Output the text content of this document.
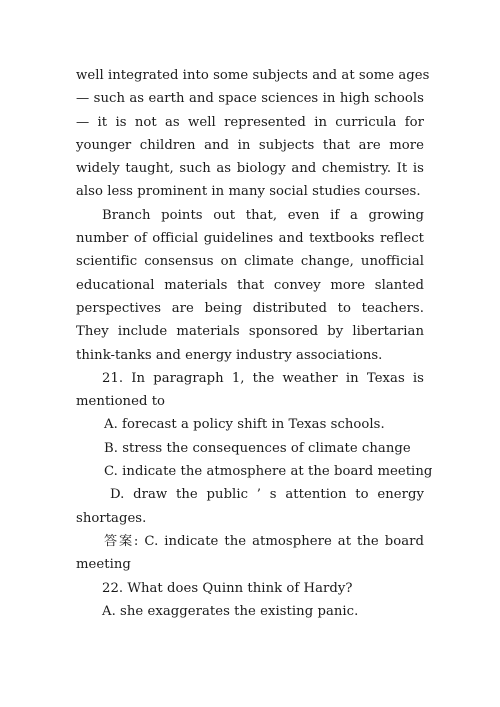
well integrated into some subjects and at some ages
— such as earth and space sciences in high schools
— it is not as well represented in curricula for
younger children and in subjects that are more
widely taught, such as biology and chemistry. It is
also less prominent in many social studies courses.
Branch points out that, even if a growing
number of official guidelines and textbooks reflect
scientific consensus on climate change, unofficial
educational materials that convey more slanted
perspectives are being distributed to teachers.
They include materials sponsored by libertarian
think-tanks and energy industry associations.
21. In paragraph 1, the weather in Texas is
mentioned to
A. forecast a policy shift in Texas schools.
B. stress the consequences of climate change
C. indicate the atmosphere at the board meeting
D. draw the public ’ s attention to energy
shortages.
答案: C. indicate the atmosphere at the board
meeting
22. What does Quinn think of Hardy?
A. she exaggerates the existing panic.
